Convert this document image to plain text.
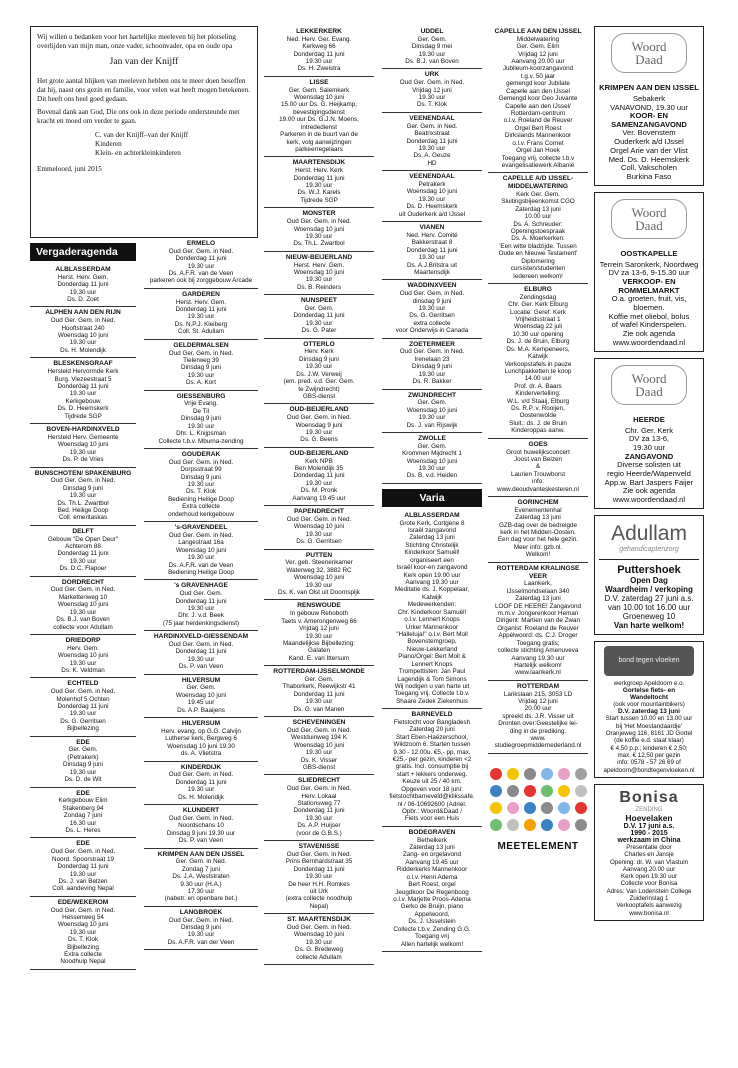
Wij willen u bedanken voor het hartelijke meeleven bij het plotseling overlijden van mijn man, onze vader, schoonvader, opa en oude opa

Jan van der Knijff

Het grote aantal blijken van meeleven hebben ons te meer doen beseffen dat hij, naast ons gezin en familie, voor velen wat heeft mogen betekenen. Dit heeft ons heel goed gedaan.

Bovenal dank aan God, Die ons ook in deze periode ondersteunde met kracht en moed om verder te gaan.

C. van der Knijff–van der Knijff

Kinderen

Klein- en achterkleinkinderen

Emmeloord, juni 2015

Vergaderagenda
ALBLASSERDAM
Herst. Herv. Gem.
Donderdag 11 juni
19.30 uur
Ds. D. Zoet
ALPHEN AAN DEN RIJN
Oud Ger. Gem. in Ned.
Hooftstraat 240
Woensdag 10 juni
19.30 uur
Ds. H. Molendijk
BLESKENSGRAAF
Hersteld Hervormde Kerk
Burg. Viezeestraat 5
Donderdag 11 juni
19.30 uur
Kerkgebouw
Ds. D. Heemskerk
Tijdrede SGP
BOVEN-HARDINXVELD
Hersteld Herv. Gemeente
Woensdag 10 juni
19.30 uur
Ds. P. de Vries
BUNSCHOTEN/ SPAKENBURG
Oud Ger. Gem. in Ned.
Dinsdag 9 juni
19.30 uur
Ds. Th.L. Zwartbol
Bed. Heilige Doop
Coll. emeritaskas
DELFT
Gebouw "De Open Deur"
Achterom 88
Donderdag 11 juni
19.30 uur
Ds. D.C. Flapoer
DORDRECHT
Oud Ger. Gem. in Ned.
Markettenweg 10
Woensdag 10 juni
19.30 uur
Ds. B.J. van Boven
collecte voor Adullam
DRIEDORP
Herv. Gem.
Woensdag 10 juni
19.30 uur
Ds. K. Veldman
ECHTELD
Oud Ger. Gem. in Ned.
Molenhof 5 Ochten
Donderdag 11 juni
19.30 uur
Ds. G. Gerritsen
Bijbellezing
EDE
Ger. Gem.
(Petrakerk)
Dinsdag 9 juni
19.30 uur
Ds. D. de Wit
EDE
Kerkgebouw Elim
Stakenberg 94
Zondag 7 juni
16.30 uur
Ds. L. Heres
EDE
Oud Ger. Gem. in Ned.
Noord. Spoorstraat 19
Donderdag 11 juni
19.30 uur
Ds. J. van Belzen
Coll. aandeving Nepal
EDE/WEKEROM
Oud Ger. Gem. in Ned.
Hessenweg 54
Woensdag 10 juni
19.30 uur
Ds. T. Klok
Bijbellezing
Extra collecte
Noodhulp Nepal
ERMELO
Oud Ger. Gem. in Ned.
Donderdag 11 juni
19.30 uur
Ds. A.F.R. van de Veen
parkeren ook bij zorggebouw Arcade
GARDEREN
Herst. Herv. Gem.
Donderdag 11 juni
19.30 uur
Ds. N.P.J. Kleiberg
Coll. St. Adullam
GELDERMALSEN
Oud Ger. Gem. in Ned.
Tielerweg 39
Dinsdag 9 juni
19.30 uur
Ds. A. Kort
GIESSENBURG
Vrije Evang.
De Til
Dinsdag 9 juni
19.30 uur
Dhr. L. Knijpsman
Collecte t.b.v. Mburna-zending
GOUDERAK
Oud Ger. Gem. in Ned.
Dorpsstraat 99
Dinsdag 9 juni
19.30 uur
Ds. T. Klok
Bediening Heilige Doop
Extra collecte
onderhoud kerkgebouw
's-GRAVENDEEL
Oud Ger. Gem. in Ned.
Langestraat 16a
Woensdag 10 juni
19.30 uur
Ds. A.F.R. van de Veen
Bediening Heilige Doop
's GRAVENHAGE
Oud Ger. Gem.
Donderdag 11 juni
19.30 uur
Dhr. J. v.d. Beek
(75 jaar herdenkingsdienst)
HARDINXVELD-GIESSENDAM
Oud Ger. Gem. in Ned.
Donderdag 11 juni
19.30 uur
Ds. P. van Veen
HILVERSUM
Ger. Gem.
Woensdag 10 juni
19.45 uur
Ds. A.P. Baaijens
HILVERSUM
Herv. evang. op G.G. Calvijn
Lutherse kerk, Bergweg 6
Woensdag 10 juni 19.30
ds. A. Vlietstra
KINDERDIJK
Oud Ger. Gem. in Ned.
Donderdag 11 juni
19.30 uur
Ds. H. Molendijk
KLUNDERT
Oud Ger. Gem. in Ned.
Noordschans 10
Dinsdag 9 juni 19.30 uur
Ds. P. van Veen
KRIMPEN AAN DEN IJSSEL
Ger. Gem. in Ned.
Zondag 7 juni
Ds. J.A. Weststraten
9.30 uur (H.A.)
17.30 uur
(nabetr. en openbare bet.)
LANGBROEK
Oud Ger. Gem. in Ned.
Dinsdag 9 juni
19.30 uur
Ds. A.F.R. van der Veen
LEKKERKERK
Ned. Herv. Ger. Evang.
Kerkweg 66
Donderdag 11 juni
19.30 uur
Ds. H. Zweistra
LISSE
Ger. Gem. Salemkerk
Woensdag 10 juni
15.00 uur Ds. G. Heijkamp,
bevestigingsdienst
19.00 uur Ds. G.J.N. Moens,
intrededienst
Parkeren in de buurt van de
kerk, volg aanwijzingen
parkeerregelaars
MAARTENSDIJK
Herst. Herv. Kerk
Donderdag 11 juni
19.30 uur
Ds. W.J. Karels
Tijdrede SGP
MONSTER
Oud Ger. Gem. in Ned.
Woensdag 10 juni
19.30 uur
Ds. Th.L. Zwartbol
NIEUW-BEIJERLAND
Herst. Herv. Gem.
Woensdag 10 juni
19.30 uur
Ds. B. Reinders
NUNSPEET
Ger. Gem.
Donderdag 11 juni
19.30 uur
Ds. G. Pater
OTTERLO
Herv. Kerk
Dinsdag 9 juni
19.30 uur
Ds. J.W. Verweij
(em. pred. v.d. Ger. Gem.
te Zwijndrecht)
GBS-dienst
OUD-BEIJERLAND
Oud Ger. Gem. in Ned.
Woensdag 9 juni
19.30 uur
Ds. G. Beens
OUD-BEIJERLAND
Kerk NPB
Ben Molendijk 35
Donderdag 11 juni
19.30 uur
Ds. M. Pronk
Aanvang 19.45 uur
PAPENDRECHT
Oud Ger. Gem. in Ned.
Woensdag 10 juni
19.30 uur
Ds. G. Gerritsen
PUTTEN
Ver. geb. Steenenkamer
Waterweg 32, 3882 RC
Woensdag 10 juni
19.30 uur
Ds. K. van Olst uit Doornspijk
RENSWOUDE
In gebouw Rehoboth
Taets v. Amerongenweg 66
Vrijdag 12 juni
19.30 uur
Maandelijkse Bijbellezing:
Galaten
Kand. E. van Ittersum
ROTTERDAM-IJSSELMONDE
Ger. Gem.
Thaborkerk, Reewijkstr 41
Donderdag 11 juni
19.30 uur
Ds. G. van Manen
SCHEVENINGEN
Oud Ger. Gem. in Ned.
Westduinweg 194 K
Woensdag 10 juni
19.30 uur
Ds. K. Visser
GBS-dienst
SLIEDRECHT
Oud Ger. Gem. in Ned.
Herv. Lokaal
Stationsweg 77
Donderdag 11 juni
19.30 uur
Ds. A.P. Huijser
(voor de G.B.S.)
STAVENISSE
Oud Ger. Gem. in Ned.
Prins Bernhardstraat 35
Donderdag 11 juni
19.30 uur
De heer H.H. Romkes
uit Urk
(extra collecte noodhulp
Nepal)
ST. MAARTENSDIJK
Oud Ger. Gem. in Ned.
Woensdag 10 juni
19.30 uur
Ds. G. Bredeweg
collecte Adullam
UDDEL
Ger. Gem.
Dinsdag 9 mei
19.30 uur
Ds. B.J. van Boven
URK
Oud Ger. Gem. in Ned.
Vrijdag 12 juni
19.30 uur
Ds. T. Klok
VEENENDAAL
Ger. Gem. in Ned.
Beatrixstraat
Donderdag 11 juni
19.30 uur
Ds. A. Geuze
HD
VEENENDAAL
Petrakerk
Woensdag 10 juni
19.30 uur
Ds. D. Heemskerk
uit Ouderkerk a/d IJssel
VIANEN
Ned. Herv. Comité
Bakkerstraat 8
Donderdag 11 juni
19.30 uur
Ds. A.J.Britstra uit
Maartensdijk
WADDINXVEEN
Oud Ger. Gem. in Ned.
dinsdag 9 juni
19.30 uur
Ds. G. Gerritsen
extra collecte
voor Onderwijs in Canada
ZOETERMEER
Oud Ger. Gem. in Ned.
Irenelaan 23
Dinsdag 9 juni
19.30 uur
Ds. R. Bakker
ZWIJNDRECHT
Ger. Gem.
Woensdag 10 juni
19.30 uur
Ds. J. van Rijswijk
ZWOLLE
Ger. Gem.
Krommen Mijdrecht 1
Woensdag 10 juni
19.30 uur
Ds. B. v.d. Heiden
Varia
ALBLASSERDAM
Grote Kerk, Cortgene 8
Israël zangavond
Zaterdag 13 juni
Stichting Christelijk
Kinderkoor Samuël!
organiseert een
Israël koor-en zangavond
Kerk open 19.00 uur
Aanvang 19.30 uur
Meditatie ds. J. Koppelaar,
Katwijk
Medewerkenden:
Chr. Kinderkoor Samuël!
o.l.v. Lennert Knops
Urker Mannenkoor
"Halleluja!" o.l.v. Bert Moll
Bovenstemgroep,
Nieuw-Lekkerland
Piano/Orgel: Bert Moll &
Lennert Knops
Trompettisten: Jan Paul
Lagendijk & Tom Simons
Wij nodigen u van harte uit
Toegang vrij. Collecte t.b.v.
Shaare Zedek Ziekenhuis
BARNEVELD
Fietstocht voor Bangladesh
Zaterdag 20 juni
Start Eben-Haëzerschool,
Wildzoom 6. Starten tussen
9.30 - 12.00u. €5,- pp, max.
€25,- per gezin, kinderen <2
gratis. Incl. consumptie bij
start + lekkers onderweg.
Keuze uit 25 / 40 km.
Opgeven voor 18 juni:
fietstochtbarneveld@klikssafe.
nl / 06-10692600 (Adriel.
Opbr.: Woord&Daad /
Fiets voor een Huis
BODEGRAVEN
Bethelkerk
Zaterdag 13 juni
Zang- en orgelavond
Aanvang 19.45 uur
Ridderkerks Mannenkoor
o.l.v. Henri Adema
Bert Roest, orgel
Jeugdkoor De Regenboog
o.l.v. Marjette Proos-Adema
Gerko de Bruijn, piano
Appelwoord,
Ds. J. IJsselstein
Collecte t.b.v. Zending G.G.
Toegang vrij
Allen hartelijk welkom!
CAPELLE AAN DEN IJSSEL
Middelwatering
Ger. Gem. Elim
Vrijdag 12 juni
Aanvang 20.00 uur
Jubileum-koorzangavond
t.g.v. 50 jaar
gemengd koor Jubilate
Capelle aan den IJssel
Gemengd koor Deo Juvante
Capelle aan den IJssel/
Rotterdam-centrum
o.l.v. Roeland de Reuver
Orgel Bert Roest
Dirkslands Mannenkoor
o.l.v. Frans Cornet
Orgel Jan Hoek
Toegang vrij, collecte t.b.v
evangelisatiewerk Albanië
CAPELLE A/D IJSSEL-MIDDELWATERING
Kerk Ger. Gem.
Sluitingsbijeenkomst CGO
Zaterdag 13 juni
10.00 uur
Ds. A. Schreuder:
Openingstoespraak
Ds. A. Moerkerken:
'Een witte bladzijde. Tussen
Oude en Nieuwe Testament'
Diplomering
cursisten/studenten
Iedereen welkom!
ELBURG
Zendingsdag
Chr. Ger. Kerk Elburg
Locatie: Geref. Kerk
Vrijheidsstraat 1
Woensdag 22 juli
10.30 uur opening
Ds. J. de Bruin, Elburg
Ds. M.A. Kempeneers,
Katwijk
Verkoopstafels in pauze
Lunchpakketten te koop
14.00 uur
Prof. dr. A. Baars
Kindervertelling:
W.L. v/d Staaij, Elburg
Ds. R.P. v. Rooijen,
Oostenwolde
Sluit.: ds. J. de Bruin
Kinderoppas aanw.
GOES
Groot huwelijksconcert
Joost van Belzen
&
Laurien Trouwborst
info:
www.deoudvanteskesteren.nl
GORINCHEM
Evenementenhal
Zaterdag 13 juni
GZB-dag over de bedreigde
kerk in het Midden-Oosten.
Een dag voor het hele gezin.
Meer info: gzb.nl.
Welkom!
ROTTERDAM KRALINGSE VEER
Laankerk,
IJsselmondselaan 340
Zaterdag 13 juni
LOOF DE HEERE! Zangavond
m.m.v. Jongerenkoor Heman
Dirigent: Martien van de Zwan
Organist: Roeland de Reuver
Appèlwoord: ds. C.J. Droger
Toegang gratis;
collecte stichting Amenuveva
Aanvang 19.30 uur
Hartelijk welkom!
www.laankerk.nl
ROTTERDAM
Larikslaan 215, 3053 LD
Vrijdag 12 juni
20.00 uur
spreekt ds. J.R. Visser uit
Dronten over:Geestelijke lei-
ding in de prediking.
www.
studiegroepmiddernederland.nl
MEETELEMENT
Woord
Daad
KRIMPEN AAN DEN IJSSEL
Sebakerk
VANAVOND, 19.30 uur
KOOR- EN SAMENZANGAVOND
Ver. Bovenstem
Ouderkerk a/d IJssel
Orgel Arie van der Vlist
Med. Ds. D. Heemskerk
Coll. Vakscholen
Burkina Faso
Woord
Daad
OOSTKAPELLE
Terrein Saronkerk, Noordweg
DV za 13-6, 9-15.30 uur
VERKOOP- EN ROMMELMARKT
O.a. groeten, fruit, vis,
bloemen.
Koffie met oliebol, bolus
of wafel Kinderspelen.
Zie ook agenda
www.woordendaad.nl
Woord
Daad
HEERDE
Chr. Ger. Kerk
DV za 13-6,
19.30 uur
ZANGAVOND
Diverse solisten uit
regio Heerde/Wapenveld
App.w. Bart Jaspers Faijer
Zie ook agenda
www.woordendaad.nl
Adullam
gehandicaptenzorg
Puttershoek
Open Dag
Waardheim / verkoping
D.V. zaterdag 27 juni a.s.
van 10.00 tot 16.00 uur
Groeneweg 10
Van harte welkom!
bond tegen vloeken
werkgroep Apeldoorn e.o.
Gortelse fiets- en
Wandeltocht
(ook voor mountainbikers)
D.V. zaterdag 13 juni
Start tussen 10.00 en 13.00 uur
bij 'Het Moestandaardje'
Oranjeweg 116, 8161 JD Gortel
(de koffie e.d. staat klaar)
€ 4,50 p.p.; kinderen € 2,50;
max. € 12,50 per gezin
info: 0578 - 57 26 69 of
apeldoorn@bondtegenvloeken.nl
Bonisa
ZENDING
Hoevelaken
D.V. 17 juni a.s.
1990 - 2015
werkzaam in China
Presentatie door
Charles en Jansje
Opening: dr. W. van Vlastuin
Aanvang 20.00 uur
Kerk open 19.30 uur
Collecte voor Bonisa
Adres: Van Lodenstein College
Zuiderinslag 1
Verkooptafels aanwezig
www.bonisa.nl
